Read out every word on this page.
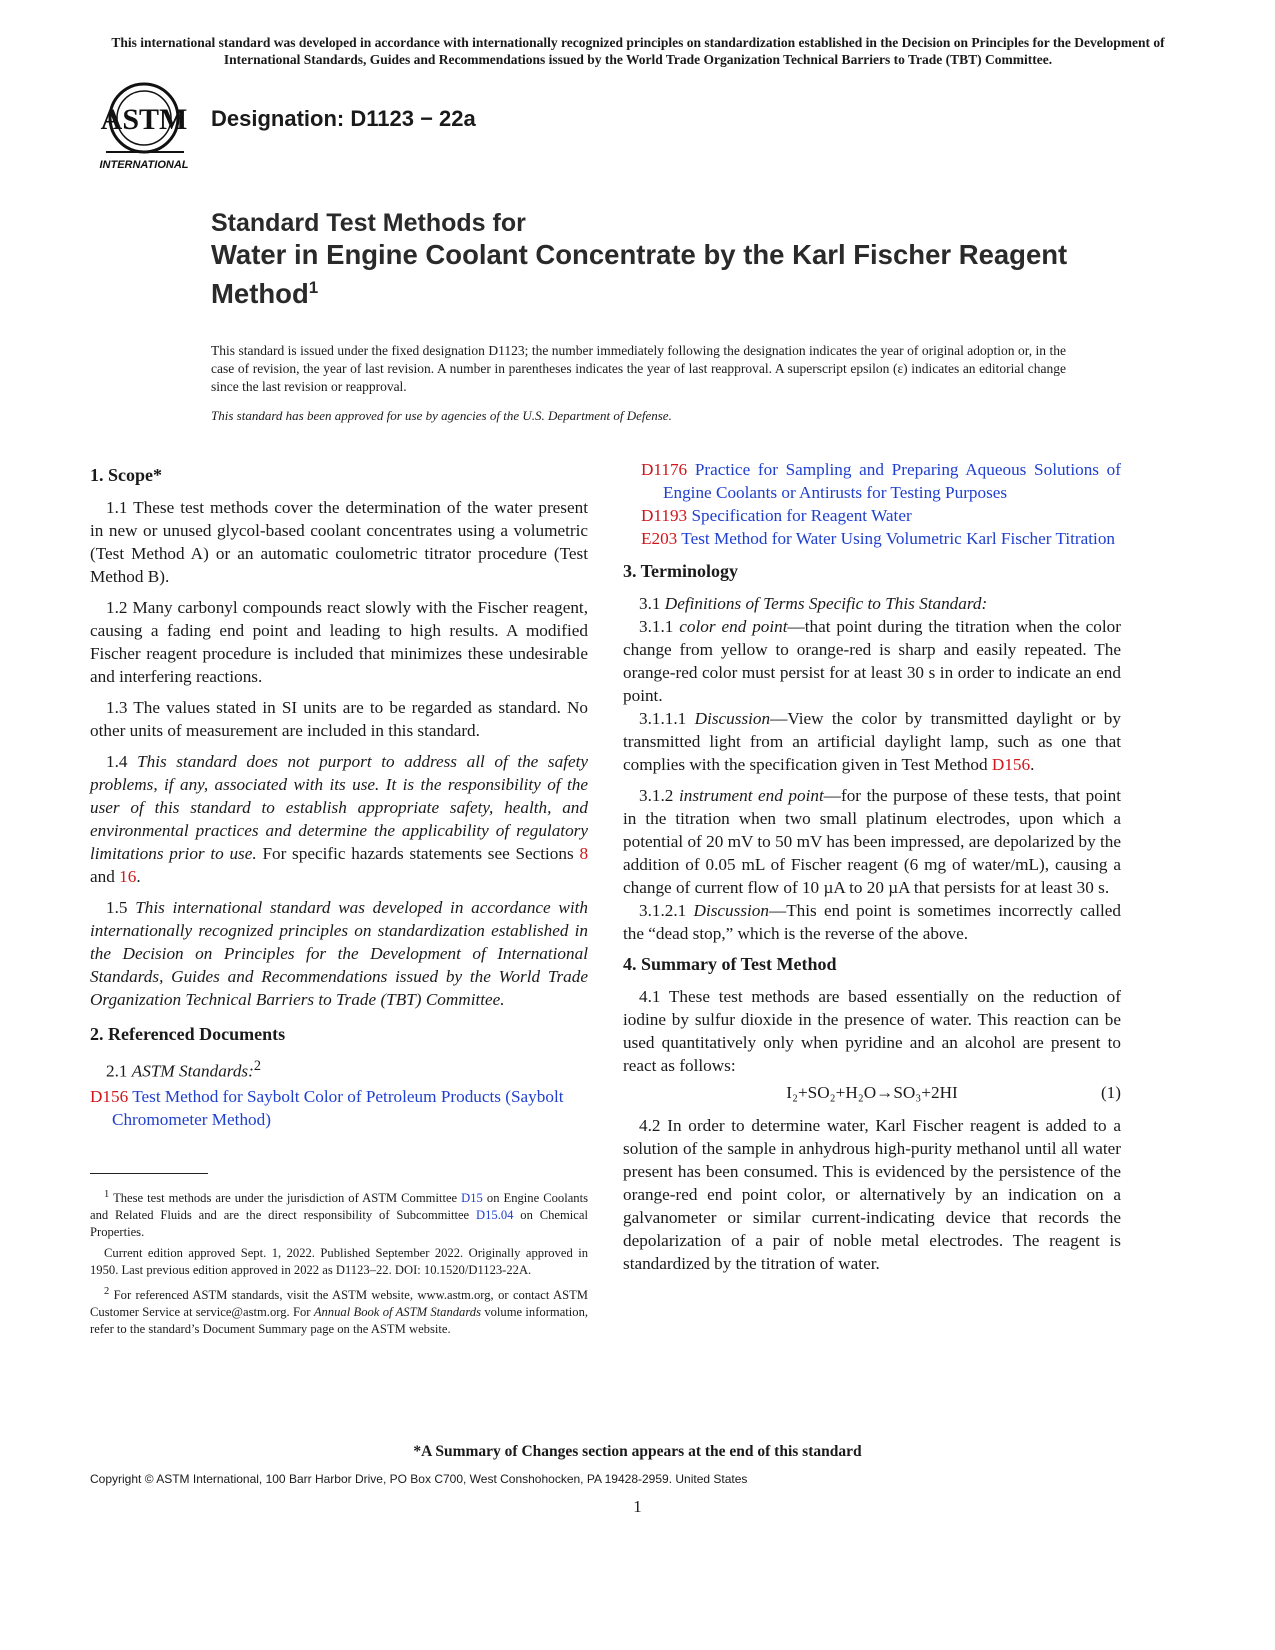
This international standard was developed in accordance with internationally recognized principles on standardization established in the Decision on Principles for the Development of International Standards, Guides and Recommendations issued by the World Trade Organization Technical Barriers to Trade (TBT) Committee.
ASTM
INTERNATIONAL
Designation: D1123 − 22a
Standard Test Methods for
Water in Engine Coolant Concentrate by the Karl Fischer Reagent Method$^1$
This standard is issued under the fixed designation D1123; the number immediately following the designation indicates the year of original adoption or, in the case of revision, the year of last revision. A number in parentheses indicates the year of last reapproval. A superscript epsilon (ε) indicates an editorial change since the last revision or reapproval.
This standard has been approved for use by agencies of the U.S. Department of Defense.
1. Scope*

1.1 These test methods cover the determination of the water present in new or unused glycol-based coolant concentrates using a volumetric (Test Method A) or an automatic coulometric titrator procedure (Test Method B).

1.2 Many carbonyl compounds react slowly with the Fischer reagent, causing a fading end point and leading to high results. A modified Fischer reagent procedure is included that minimizes these undesirable and interfering reactions.

1.3 The values stated in SI units are to be regarded as standard. No other units of measurement are included in this standard.

1.4 This standard does not purport to address all of the safety problems, if any, associated with its use. It is the responsibility of the user of this standard to establish appropriate safety, health, and environmental practices and determine the applicability of regulatory limitations prior to use. For specific hazards statements see Sections 8 and 16.

1.5 This international standard was developed in accordance with internationally recognized principles on standardization established in the Decision on Principles for the Development of International Standards, Guides and Recommendations issued by the World Trade Organization Technical Barriers to Trade (TBT) Committee.

2. Referenced Documents

2.1 ASTM Standards:$^2$

D156 Test Method for Saybolt Color of Petroleum Products (Saybolt Chromometer Method)

$^1$ These test methods are under the jurisdiction of ASTM Committee D15 on Engine Coolants and Related Fluids and are the direct responsibility of Subcommittee D15.04 on Chemical Properties.

Current edition approved Sept. 1, 2022. Published September 2022. Originally approved in 1950. Last previous edition approved in 2022 as D1123–22. DOI: 10.1520/D1123-22A.

$^2$ For referenced ASTM standards, visit the ASTM website, www.astm.org, or contact ASTM Customer Service at service@astm.org. For Annual Book of ASTM Standards volume information, refer to the standard’s Document Summary page on the ASTM website.

D1176 Practice for Sampling and Preparing Aqueous Solutions of Engine Coolants or Antirusts for Testing Purposes

D1193 Specification for Reagent Water

E203 Test Method for Water Using Volumetric Karl Fischer Titration

3. Terminology

3.1 Definitions of Terms Specific to This Standard:

3.1.1 color end point—that point during the titration when the color change from yellow to orange-red is sharp and easily repeated. The orange-red color must persist for at least 30 s in order to indicate an end point.

3.1.1.1 Discussion—View the color by transmitted daylight or by transmitted light from an artificial daylight lamp, such as one that complies with the specification given in Test Method D156.

3.1.2 instrument end point—for the purpose of these tests, that point in the titration when two small platinum electrodes, upon which a potential of 20 mV to 50 mV has been impressed, are depolarized by the addition of 0.05 mL of Fischer reagent (6 mg of water/mL), causing a change of current flow of 10 µA to 20 µA that persists for at least 30 s.

3.1.2.1 Discussion—This end point is sometimes incorrectly called the “dead stop,” which is the reverse of the above.

4. Summary of Test Method

4.1 These test methods are based essentially on the reduction of iodine by sulfur dioxide in the presence of water. This reaction can be used quantitatively only when pyridine and an alcohol are present to react as follows:

I₂+SO₂+H₂O→SO₃+2HI	(1)

4.2 In order to determine water, Karl Fischer reagent is added to a solution of the sample in anhydrous high-purity methanol until all water present has been consumed. This is evidenced by the persistence of the orange-red end point color, or alternatively by an indication on a galvanometer or similar current-indicating device that records the depolarization of a pair of noble metal electrodes. The reagent is standardized by the titration of water.

*A Summary of Changes section appears at the end of this standard
Copyright © ASTM International, 100 Barr Harbor Drive, PO Box C700, West Conshohocken, PA 19428-2959. United States
1
